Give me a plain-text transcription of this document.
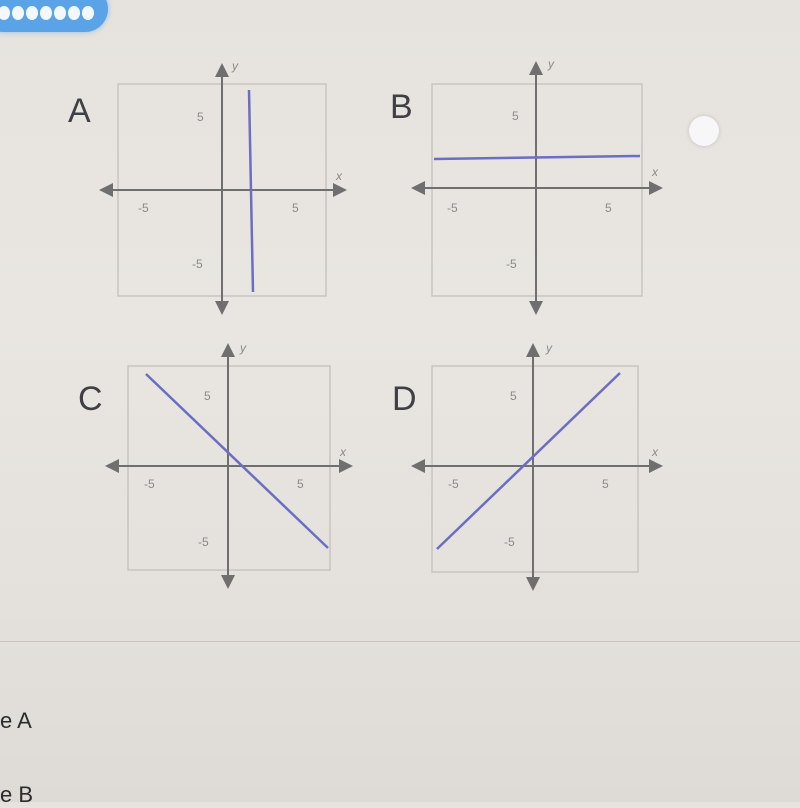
A
y
x
-5	5
5
-5
B
y
x
-5	5
5
-5
C
y
x
-5	5
5
-5
D
y
x
-5	5
5
-5
e A
e B
